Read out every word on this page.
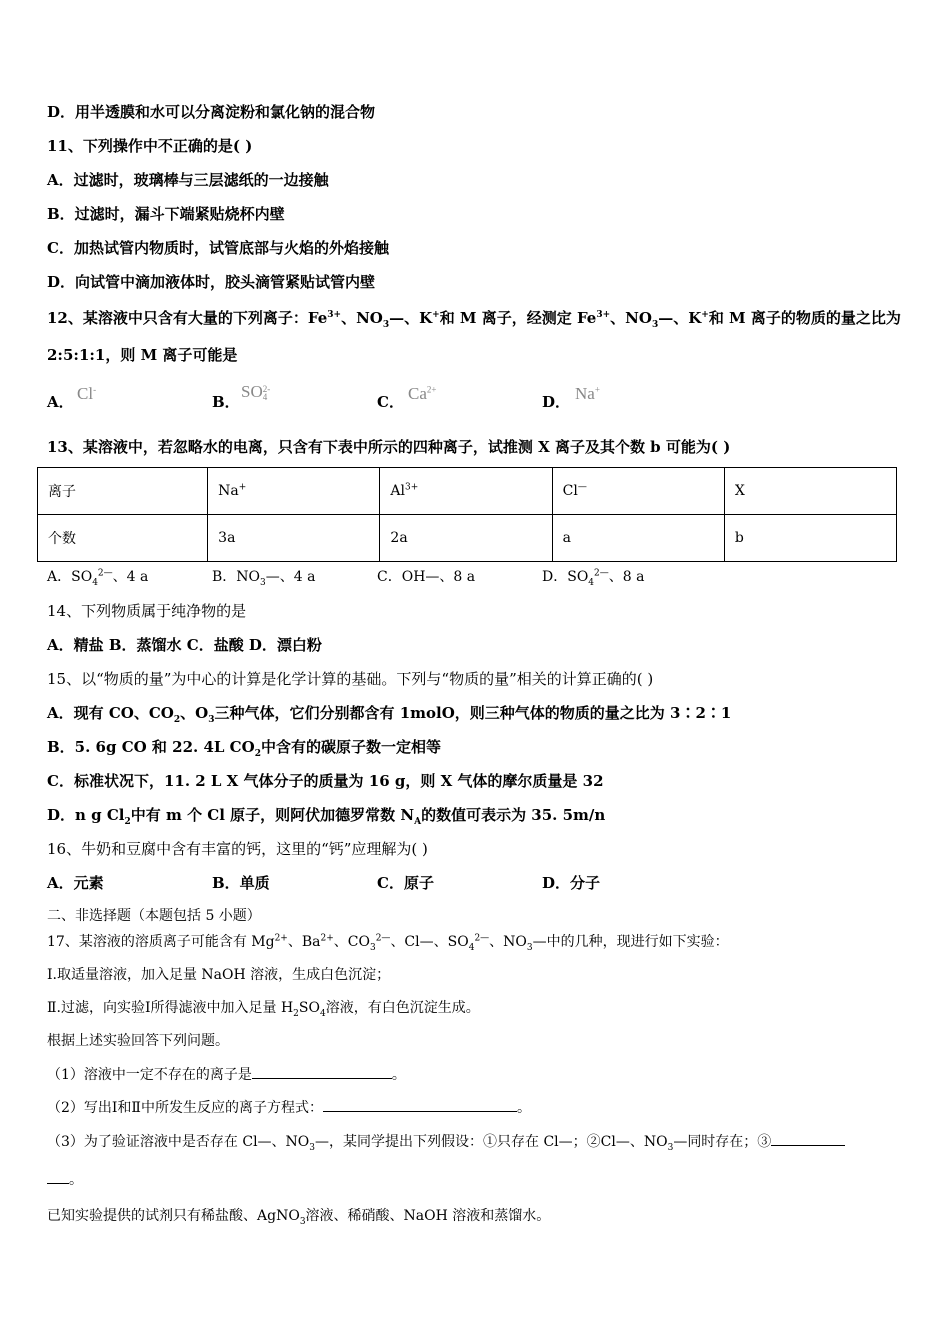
D．用半透膜和水可以分离淀粉和氯化钠的混合物
11、下列操作中不正确的是( )
A．过滤时，玻璃棒与三层滤纸的一边接触
B．过滤时，漏斗下端紧贴烧杯内壁
C．加热试管内物质时，试管底部与火焰的外焰接触
D．向试管中滴加液体时，胶头滴管紧贴试管内壁
12、某溶液中只含有大量的下列离子：$Fe^{3+}$、$NO_3—$、K+和 M 离子，经测定 $Fe^{3+}$、$NO_3—$、K+和 M 离子的物质的量之比为
2:5:1:1，则 M 离子可能是
A． Cl-
B．
SO 2-
4	C． $Ca^{2+}$
D． Na+
13、某溶液中，若忽略水的电离，只含有下表中所示的四种离子，试推测 X 离子及其个数 b 可能为( )
离子	Na+	$Al^{3+}$	Cl—	X
个数	3a	2a	a	b
A．$SO_4^{2—}$、4 a	B．$NO_3—$、4 a	C．OH—、8 a	D．$SO_4^{2—}$、8 a
14、下列物质属于纯净物的是
A．精盐 B．蒸馏水 C．盐酸 D．漂白粉
15、以“物质的量”为中心的计算是化学计算的基础。下列与“物质的量”相关的计算正确的( )
A．现有 CO、$CO_2$、$O_3$三种气体，它们分别都含有 1molO，则三种气体的物质的量之比为 3∶2∶1
B．5. 6g CO 和 22. 4L $CO_2$中含有的碳原子数一定相等
C．标准状况下，11. 2 L X 气体分子的质量为 16 g，则 X 气体的摩尔质量是 32
D．n g $Cl_2$中有 m 个 Cl 原子，则阿伏加德罗常数 $N_A$的数值可表示为 35. 5m/n
16、牛奶和豆腐中含有丰富的钙，这里的“钙”应理解为( )
A．元素	B．单质	C．原子	D．分子
二、非选择题（本题包括 5 小题）
17、某溶液的溶质离子可能含有 $Mg^{2+}$、$Ba^{2+}$、$CO_3^{2—}$、Cl—、$SO_4^{2—}$、$NO_3—$中的几种，现进行如下实验：
Ⅰ.取适量溶液，加入足量 NaOH 溶液，生成白色沉淀；
Ⅱ.过滤，向实验Ⅰ所得滤液中加入足量 $H_2SO_4$溶液，有白色沉淀生成。
根据上述实验回答下列问题。
（1）溶液中一定不存在的离子是	。
（2）写出Ⅰ和Ⅱ中所发生反应的离子方程式：	。
（3）为了验证溶液中是否存在 Cl—、$NO_3—$，某同学提出下列假设：①只存在 Cl—；②Cl—、$NO_3—$同时存在；③
。
已知实验提供的试剂只有稀盐酸、AgNO$_3$溶液、稀硝酸、NaOH 溶液和蒸馏水。
